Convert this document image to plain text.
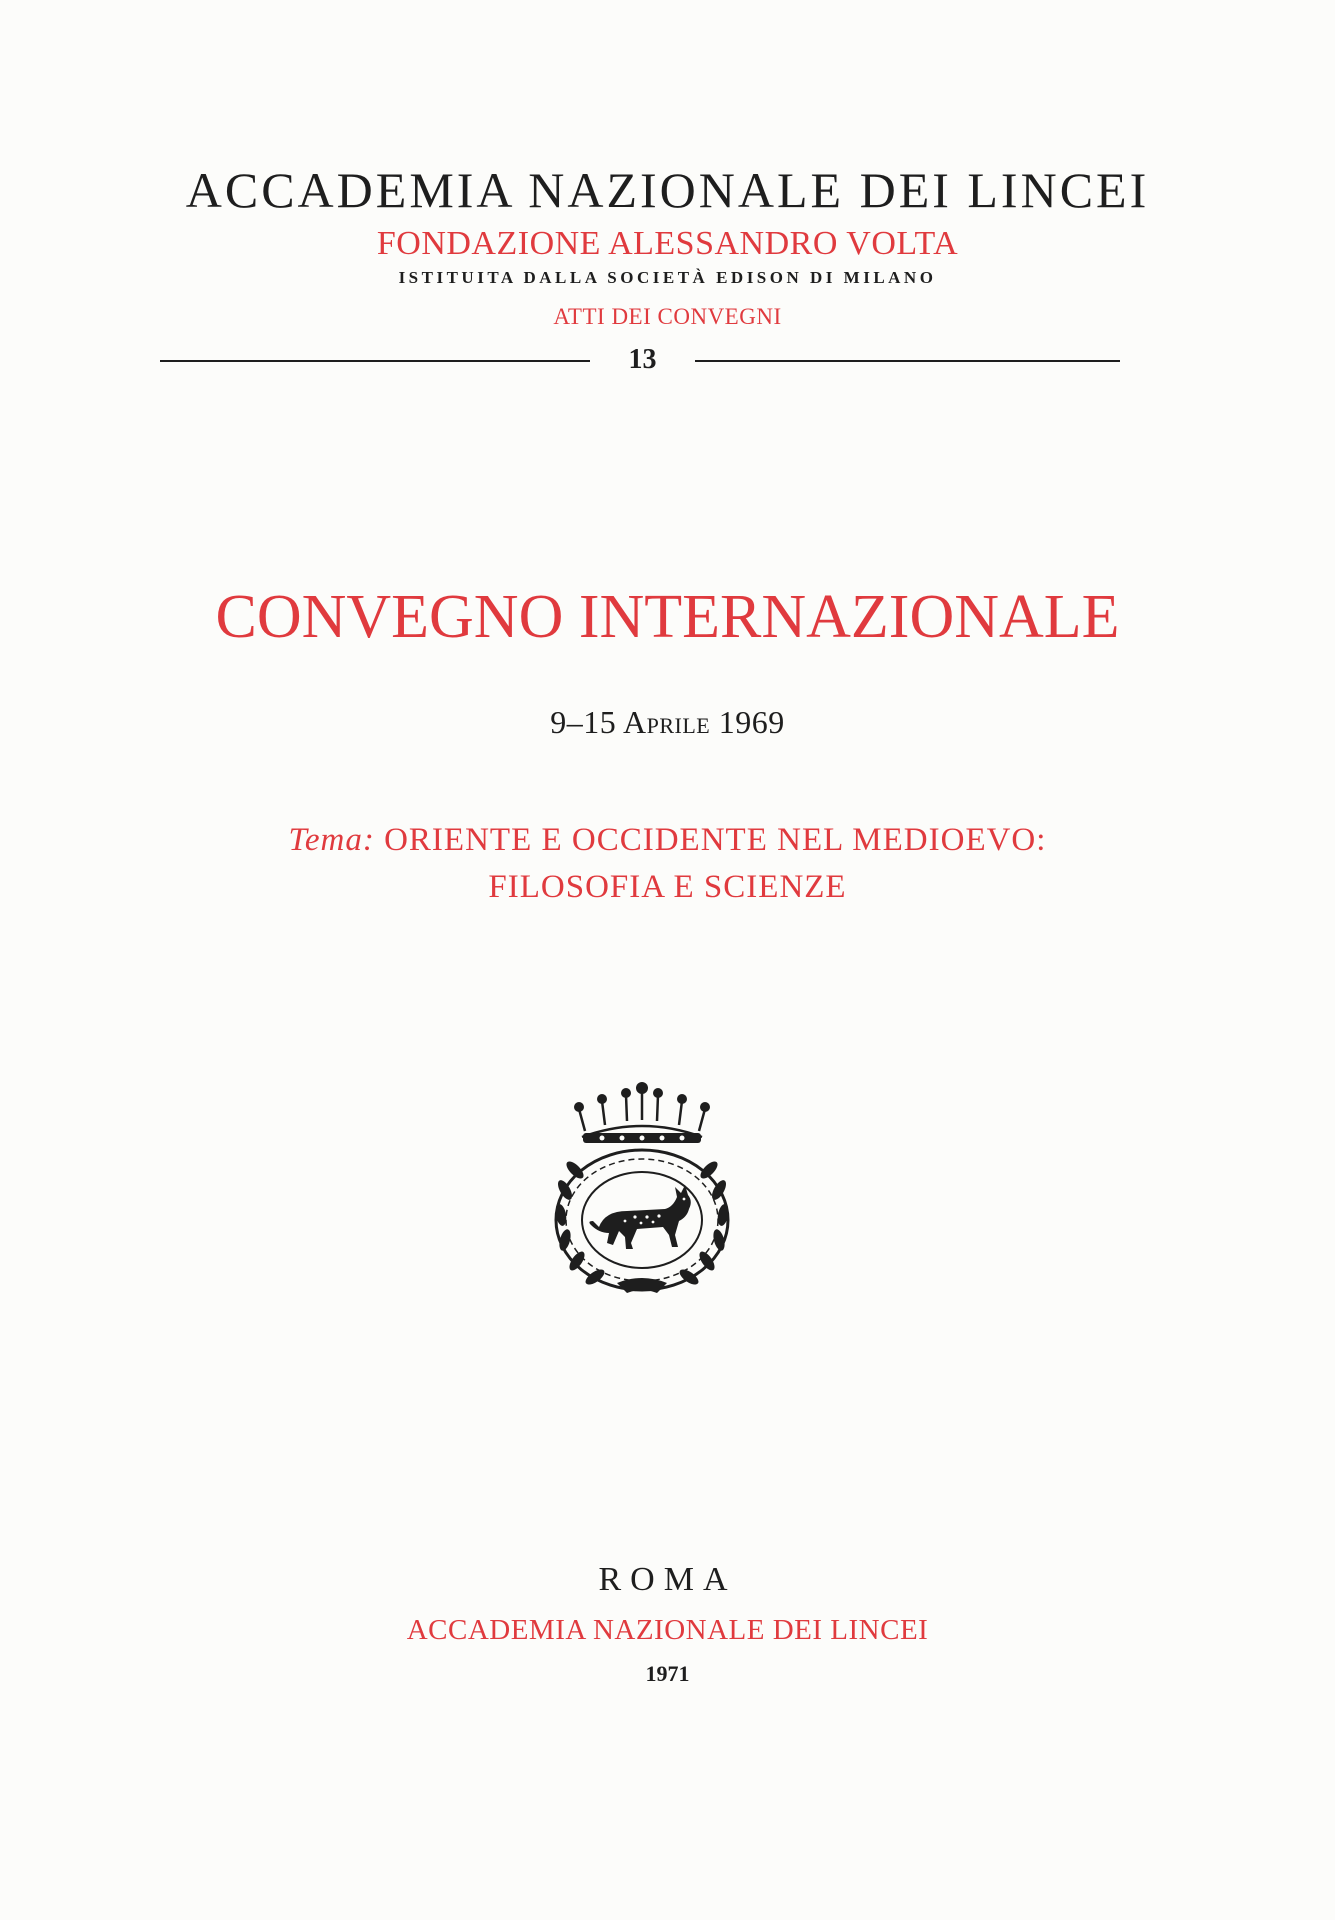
ACCADEMIA NAZIONALE DEI LINCEI
FONDAZIONE ALESSANDRO VOLTA
ISTITUITA DALLA SOCIETÀ EDISON DI MILANO
ATTI DEI CONVEGNI
13
CONVEGNO INTERNAZIONALE
9–15 Aprile 1969
Tema: ORIENTE E OCCIDENTE NEL MEDIOEVO:
FILOSOFIA E SCIENZE
ROMA
ACCADEMIA NAZIONALE DEI LINCEI
1971
